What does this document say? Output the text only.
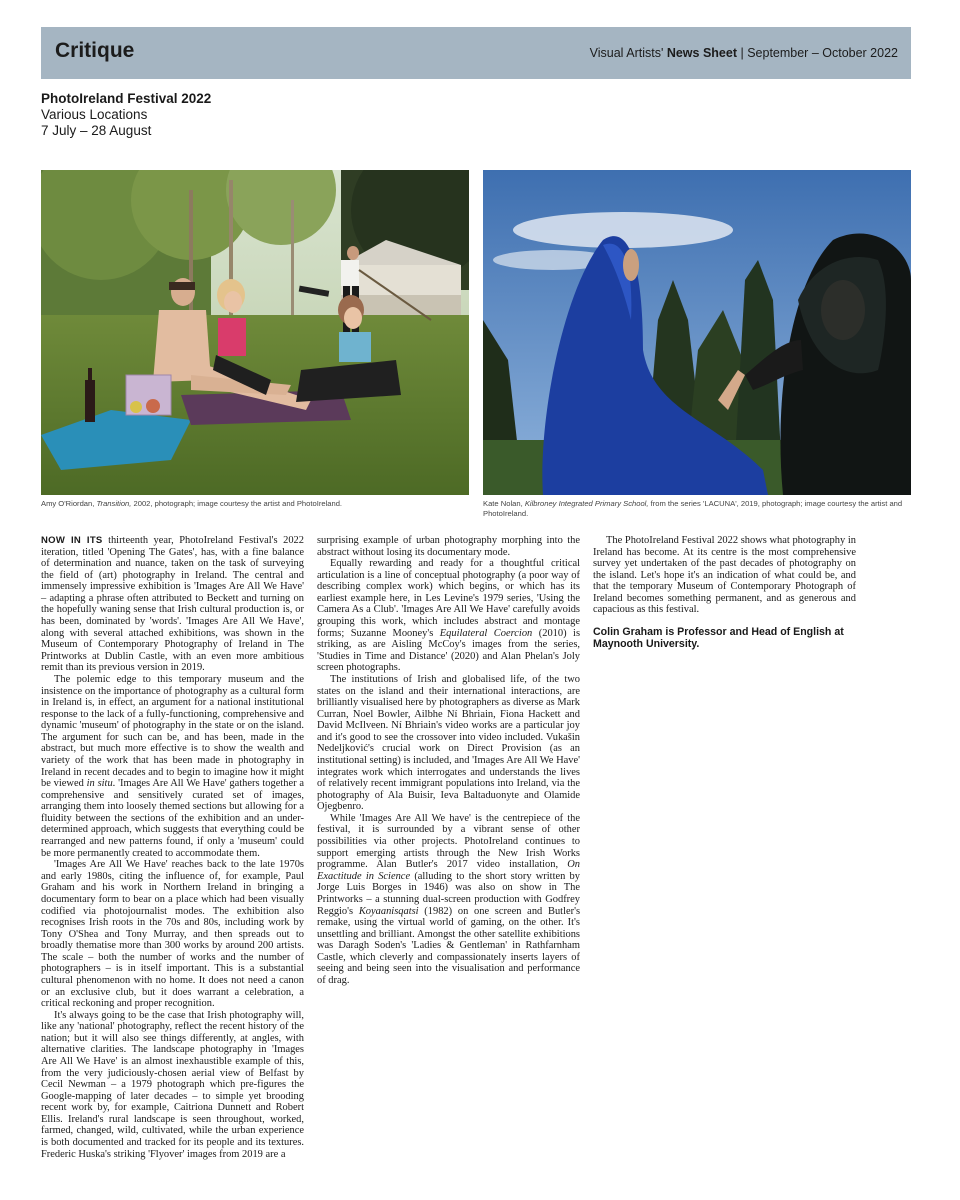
Critique	Visual Artists' News Sheet | September – October 2022
PhotoIreland Festival 2022
Various Locations
7 July – 28 August
Amy O'Riordan, Transition, 2002, photograph; image courtesy the artist and PhotoIreland.	Kate Nolan, Kilbroney Integrated Primary School, from the series 'LACUNA', 2019, photograph; image courtesy the artist and PhotoIreland.

NOW IN ITS thirteenth year, PhotoIreland Festival's 2022 iteration, titled 'Opening The Gates', has, with a fine balance of determination and nuance, taken on the task of surveying the field of (art) photography in Ireland. The central and immensely impressive exhibition is 'Images Are All We Have' – adapting a phrase often attributed to Beckett and turning on the hopefully waning sense that Irish cultural production is, or has been, dominated by 'words'. 'Images Are All We Have', along with several attached exhibitions, was shown in the Museum of Contemporary Photography of Ireland in The Printworks at Dublin Castle, with an even more ambitious remit than its previous version in 2019.

The polemic edge to this temporary museum and the insistence on the importance of photography as a cultural form in Ireland is, in effect, an argument for a national institutional response to the lack of a fully-functioning, comprehensive and dynamic 'museum' of photography in the state or on the island. The argument for such can be, and has been, made in the abstract, but much more effective is to show the wealth and variety of the work that has been made in photography in Ireland in recent decades and to begin to imagine how it might be viewed in situ. 'Images Are All We Have' gathers together a comprehensive and sensitively curated set of images, arranging them into loosely themed sections but allowing for a fluidity between the sections of the exhibition and an under-determined approach, which suggests that everything could be rearranged and new patterns found, if only a 'museum' could be more permanently created to accommodate them.

'Images Are All We Have' reaches back to the late 1970s and early 1980s, citing the influence of, for example, Paul Graham and his work in Northern Ireland in bringing a documentary form to bear on a place which had been visually codified via photojournalist modes. The exhibition also recognises Irish roots in the 70s and 80s, including work by Tony O'Shea and Tony Murray, and then spreads out to broadly thematise more than 300 works by around 200 artists. The scale – both the number of works and the number of photographers – is in itself important. This is a substantial cultural phenomenon with no home. It does not need a canon or an exclusive club, but it does warrant a celebration, a critical reckoning and proper recognition.

It's always going to be the case that Irish photography will, like any 'national' photography, reflect the recent history of the nation; but it will also see things differently, at angles, with alternative clarities. The landscape photography in 'Images Are All We Have' is an almost inexhaustible example of this, from the very judiciously-chosen aerial view of Belfast by Cecil Newman – a 1979 photograph which pre-figures the Google-mapping of later decades – to simple yet brooding recent work by, for example, Caitriona Dunnett and Robert Ellis. Ireland's rural landscape is seen throughout, worked, farmed, changed, wild, cultivated, while the urban experience is both documented and tracked for its people and its textures. Frederic Huska's striking 'Flyover' images from 2019 are a

surprising example of urban photography morphing into the abstract without losing its documentary mode.

Equally rewarding and ready for a thoughtful critical articulation is a line of conceptual photography (a poor way of describing complex work) which begins, or which has its earliest example here, in Les Levine's 1979 series, 'Using the Camera As a Club'. 'Images Are All We Have' carefully avoids grouping this work, which includes abstract and montage forms; Suzanne Mooney's Equilateral Coercion (2010) is striking, as are Aisling McCoy's images from the series, 'Studies in Time and Distance' (2020) and Alan Phelan's Joly screen photographs.

The institutions of Irish and globalised life, of the two states on the island and their international interactions, are brilliantly visualised here by photographers as diverse as Mark Curran, Noel Bowler, Ailbhe Ní Bhriain, Fiona Hackett and David McIlveen. Ní Bhriain's video works are a particular joy and it's good to see the crossover into video included. Vukašin Nedeljković's crucial work on Direct Provision (as an institutional setting) is included, and 'Images Are All We Have' integrates work which interrogates and understands the lives of relatively recent immigrant populations into Ireland, via the photography of Ala Buisir, Ieva Baltaduonyte and Olamide Ojegbenro.

While 'Images Are All We have' is the centrepiece of the festival, it is surrounded by a vibrant sense of other possibilities via other projects. PhotoIreland continues to support emerging artists through the New Irish Works programme. Alan Butler's 2017 video installation, On Exactitude in Science (alluding to the short story written by Jorge Luis Borges in 1946) was also on show in The Printworks – a stunning dual-screen production with Godfrey Reggio's Koyaanisqatsi (1982) on one screen and Butler's remake, using the virtual world of gaming, on the other. It's unsettling and brilliant. Amongst the other satellite exhibitions was Daragh Soden's 'Ladies & Gentleman' in Rathfarnham Castle, which cleverly and compassionately inserts layers of seeing and being seen into the visualisation and performance of drag.

The PhotoIreland Festival 2022 shows what photography in Ireland has become. At its centre is the most comprehensive survey yet undertaken of the past decades of photography on the island. Let's hope it's an indication of what could be, and that the temporary Museum of Contemporary Photograph of Ireland becomes something permanent, and as generous and capacious as this festival.

Colin Graham is Professor and Head of English at Maynooth University.
